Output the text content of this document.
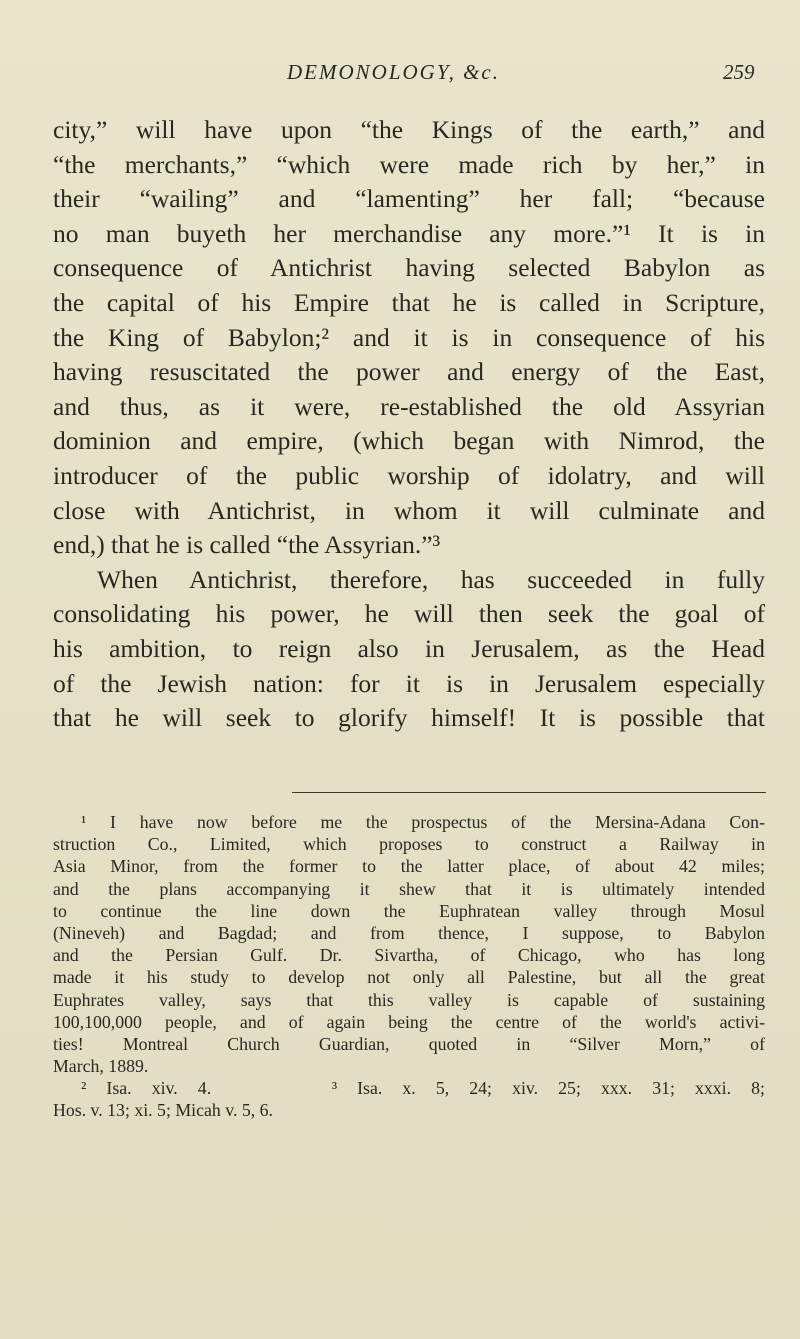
DEMONOLOGY, &c.	259
city,” will have upon “the Kings of the earth,” and
“the merchants,” “which were made rich by her,” in
their “wailing” and “lamenting” her fall; “because
no man buyeth her merchandise any more.”¹ It is in
consequence of Antichrist having selected Babylon as
the capital of his Empire that he is called in Scripture,
the King of Babylon;² and it is in consequence of his
having resuscitated the power and energy of the East,
and thus, as it were, re-established the old Assyrian
dominion and empire, (which began with Nimrod, the
introducer of the public worship of idolatry, and will
close with Antichrist, in whom it will culminate and
end,) that he is called “the Assyrian.”³
When Antichrist, therefore, has succeeded in fully
consolidating his power, he will then seek the goal of
his ambition, to reign also in Jerusalem, as the Head
of the Jewish nation: for it is in Jerusalem especially
that he will seek to glorify himself! It is possible that
¹ I have now before me the prospectus of the Mersina-Adana Con-
struction Co., Limited, which proposes to construct a Railway in
Asia Minor, from the former to the latter place, of about 42 miles;
and the plans accompanying it shew that it is ultimately intended
to continue the line down the Euphratean valley through Mosul
(Nineveh) and Bagdad; and from thence, I suppose, to Babylon
and the Persian Gulf. Dr. Sivartha, of Chicago, who has long
made it his study to develop not only all Palestine, but all the great
Euphrates valley, says that this valley is capable of sustaining
100,100,000 people, and of again being the centre of the world's activi-
ties! Montreal Church Guardian, quoted in “Silver Morn,” of
March, 1889.
² Isa. xiv. 4.      ³ Isa. x. 5, 24; xiv. 25; xxx. 31; xxxi. 8;
Hos. v. 13; xi. 5; Micah v. 5, 6.
